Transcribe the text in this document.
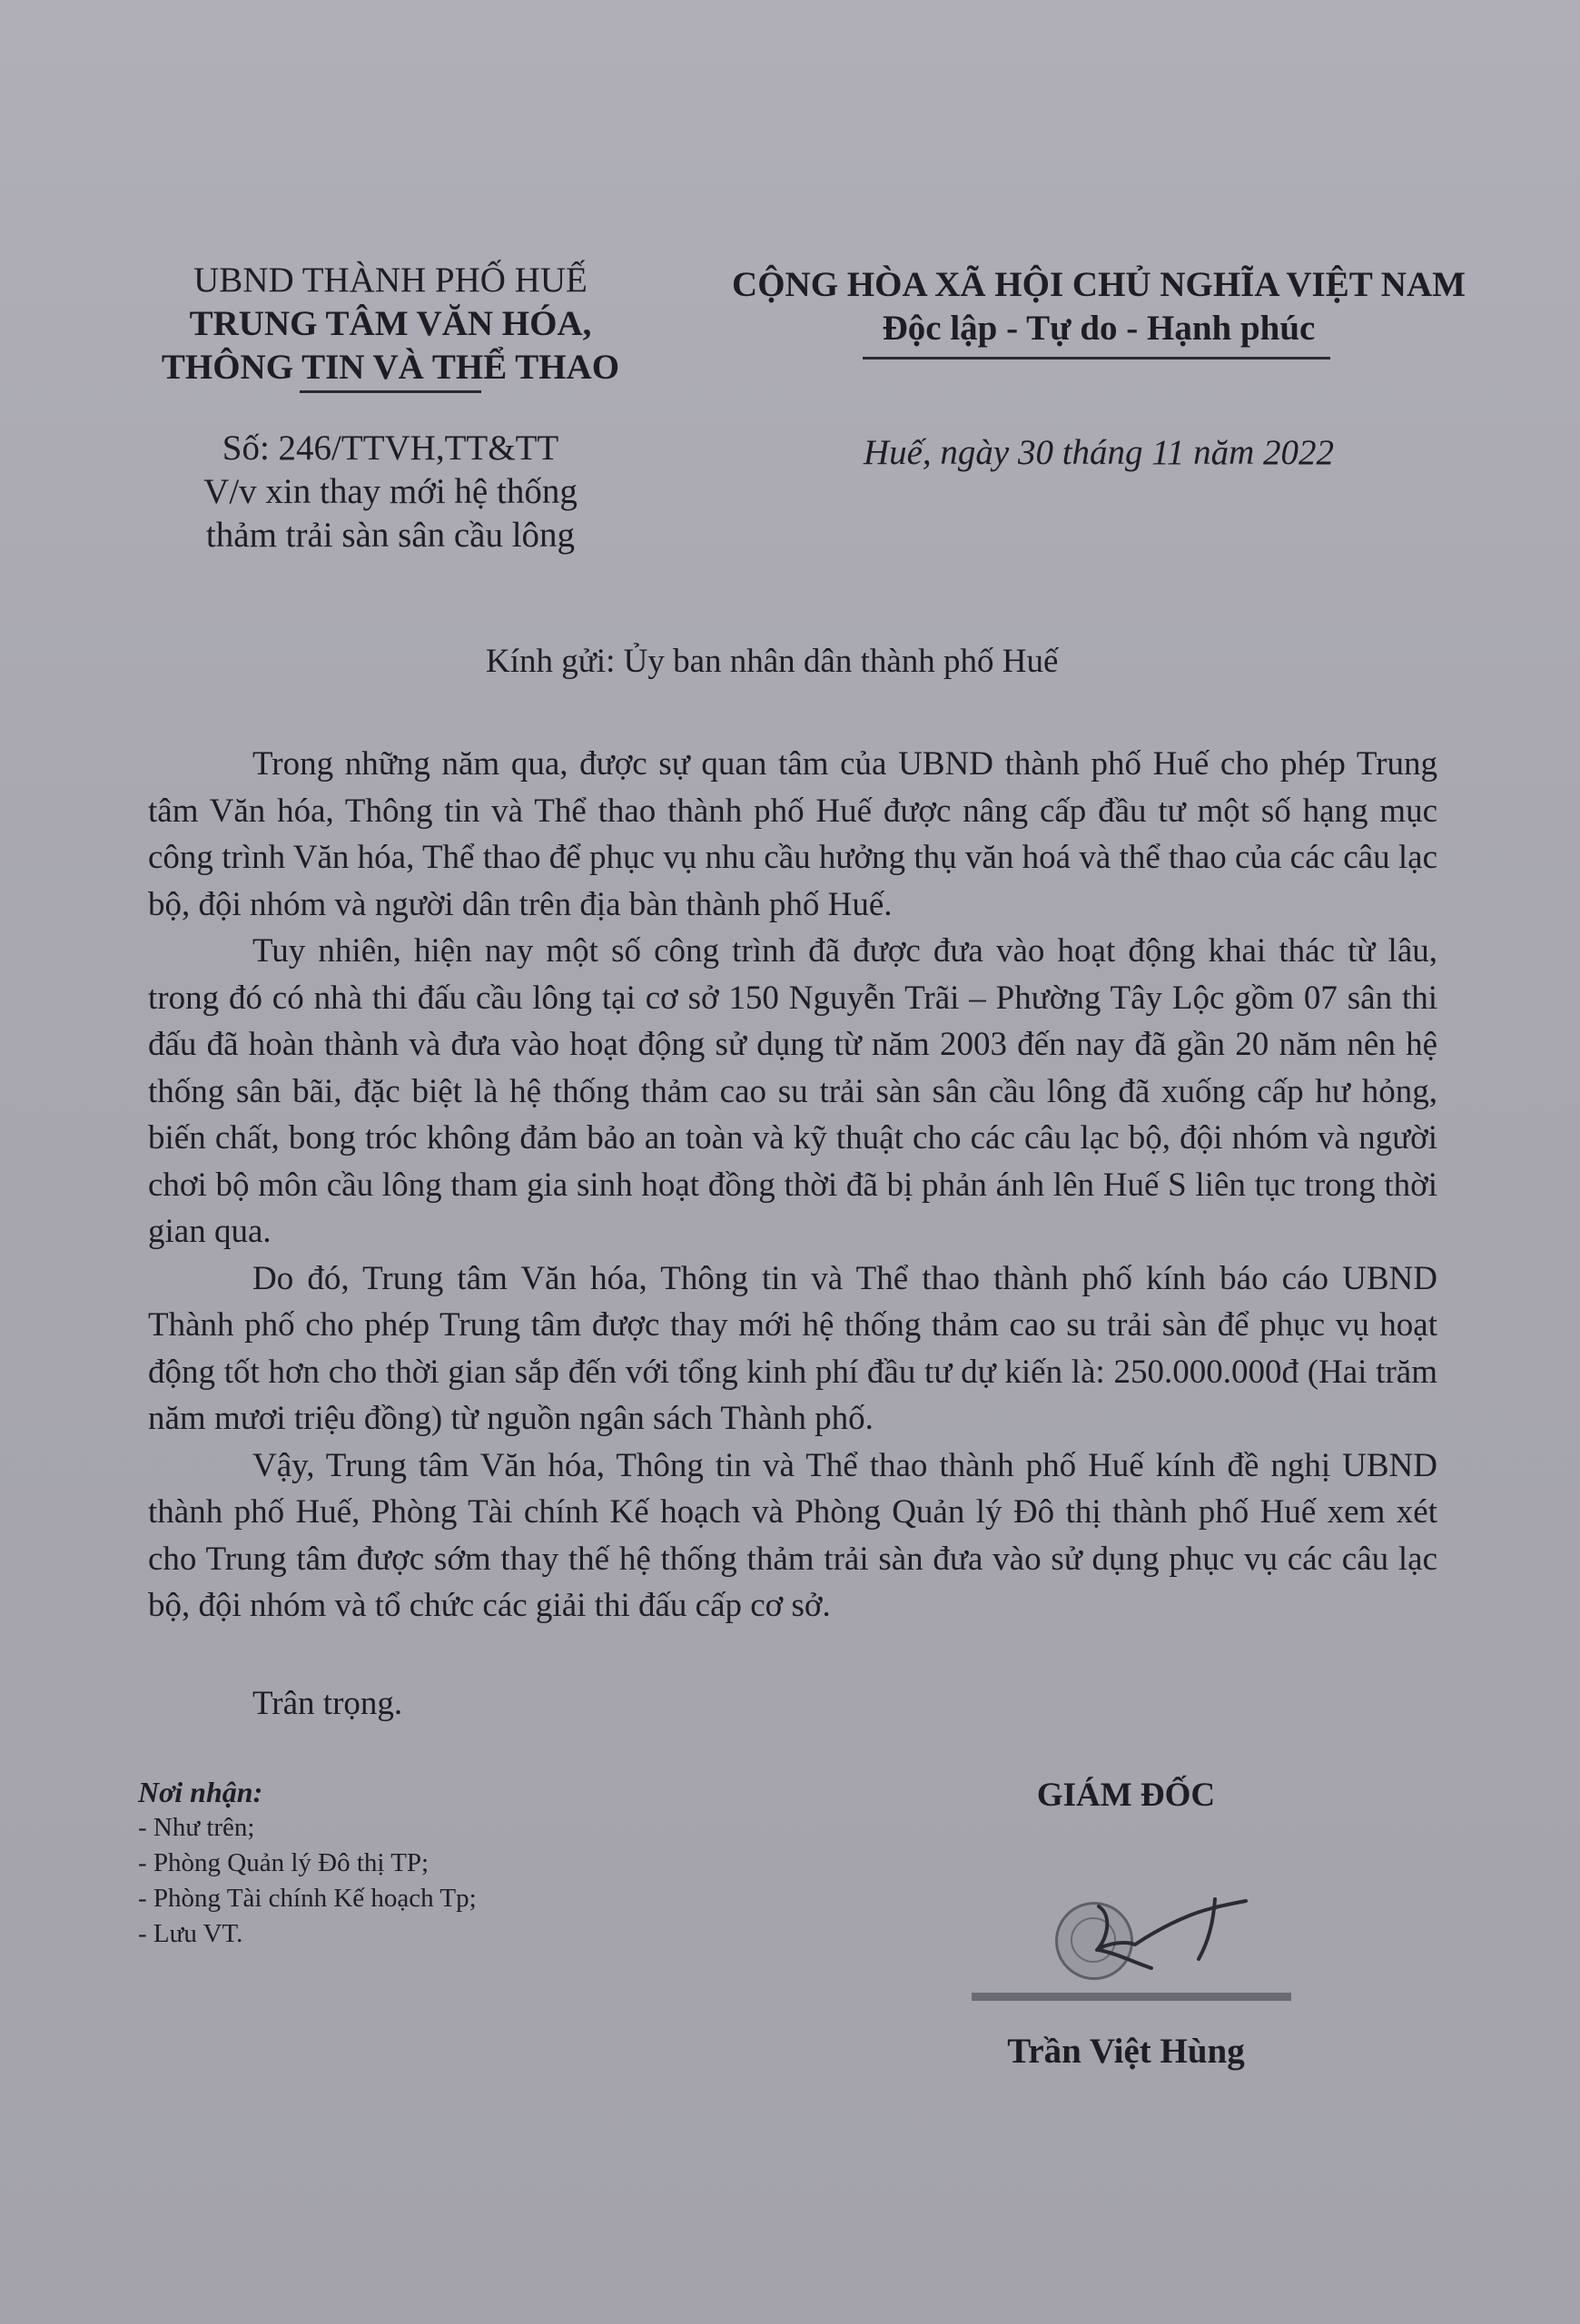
UBND THÀNH PHỐ HUẾ
TRUNG TÂM VĂN HÓA,
THÔNG TIN VÀ THỂ THAO
Số: 246/TTVH,TT&TT
V/v xin thay mới hệ thống
thảm trải sàn sân cầu lông
CỘNG HÒA XÃ HỘI CHỦ NGHĨA VIỆT NAM
Độc lập - Tự do - Hạnh phúc
Huế, ngày 30 tháng 11 năm 2022
Kính gửi: Ủy ban nhân dân thành phố Huế

Trong những năm qua, được sự quan tâm của UBND thành phố Huế cho phép Trung tâm Văn hóa, Thông tin và Thể thao thành phố Huế được nâng cấp đầu tư một số hạng mục công trình Văn hóa, Thể thao để phục vụ nhu cầu hưởng thụ văn hoá và thể thao của các câu lạc bộ, đội nhóm và người dân trên địa bàn thành phố Huế.

Tuy nhiên, hiện nay một số công trình đã được đưa vào hoạt động khai thác từ lâu, trong đó có nhà thi đấu cầu lông tại cơ sở 150 Nguyễn Trãi – Phường Tây Lộc gồm 07 sân thi đấu đã hoàn thành và đưa vào hoạt động sử dụng từ năm 2003 đến nay đã gần 20 năm nên hệ thống sân bãi, đặc biệt là hệ thống thảm cao su trải sàn sân cầu lông đã xuống cấp hư hỏng, biến chất, bong tróc không đảm bảo an toàn và kỹ thuật cho các câu lạc bộ, đội nhóm và người chơi bộ môn cầu lông tham gia sinh hoạt đồng thời đã bị phản ánh lên Huế S liên tục trong thời gian qua.

Do đó, Trung tâm Văn hóa, Thông tin và Thể thao thành phố kính báo cáo UBND Thành phố cho phép Trung tâm được thay mới hệ thống thảm cao su trải sàn để phục vụ hoạt động tốt hơn cho thời gian sắp đến với tổng kinh phí đầu tư dự kiến là: 250.000.000đ (Hai trăm năm mươi triệu đồng) từ nguồn ngân sách Thành phố.

Vậy, Trung tâm Văn hóa, Thông tin và Thể thao thành phố Huế kính đề nghị UBND thành phố Huế, Phòng Tài chính Kế hoạch và Phòng Quản lý Đô thị thành phố Huế xem xét cho Trung tâm được sớm thay thế hệ thống thảm trải sàn đưa vào sử dụng phục vụ các câu lạc bộ, đội nhóm và tổ chức các giải thi đấu cấp cơ sở.

Trân trọng.
Nơi nhận:
- Như trên;
- Phòng Quản lý Đô thị TP;
- Phòng Tài chính Kế hoạch Tp;
- Lưu VT.
GIÁM ĐỐC
Trần Việt Hùng
